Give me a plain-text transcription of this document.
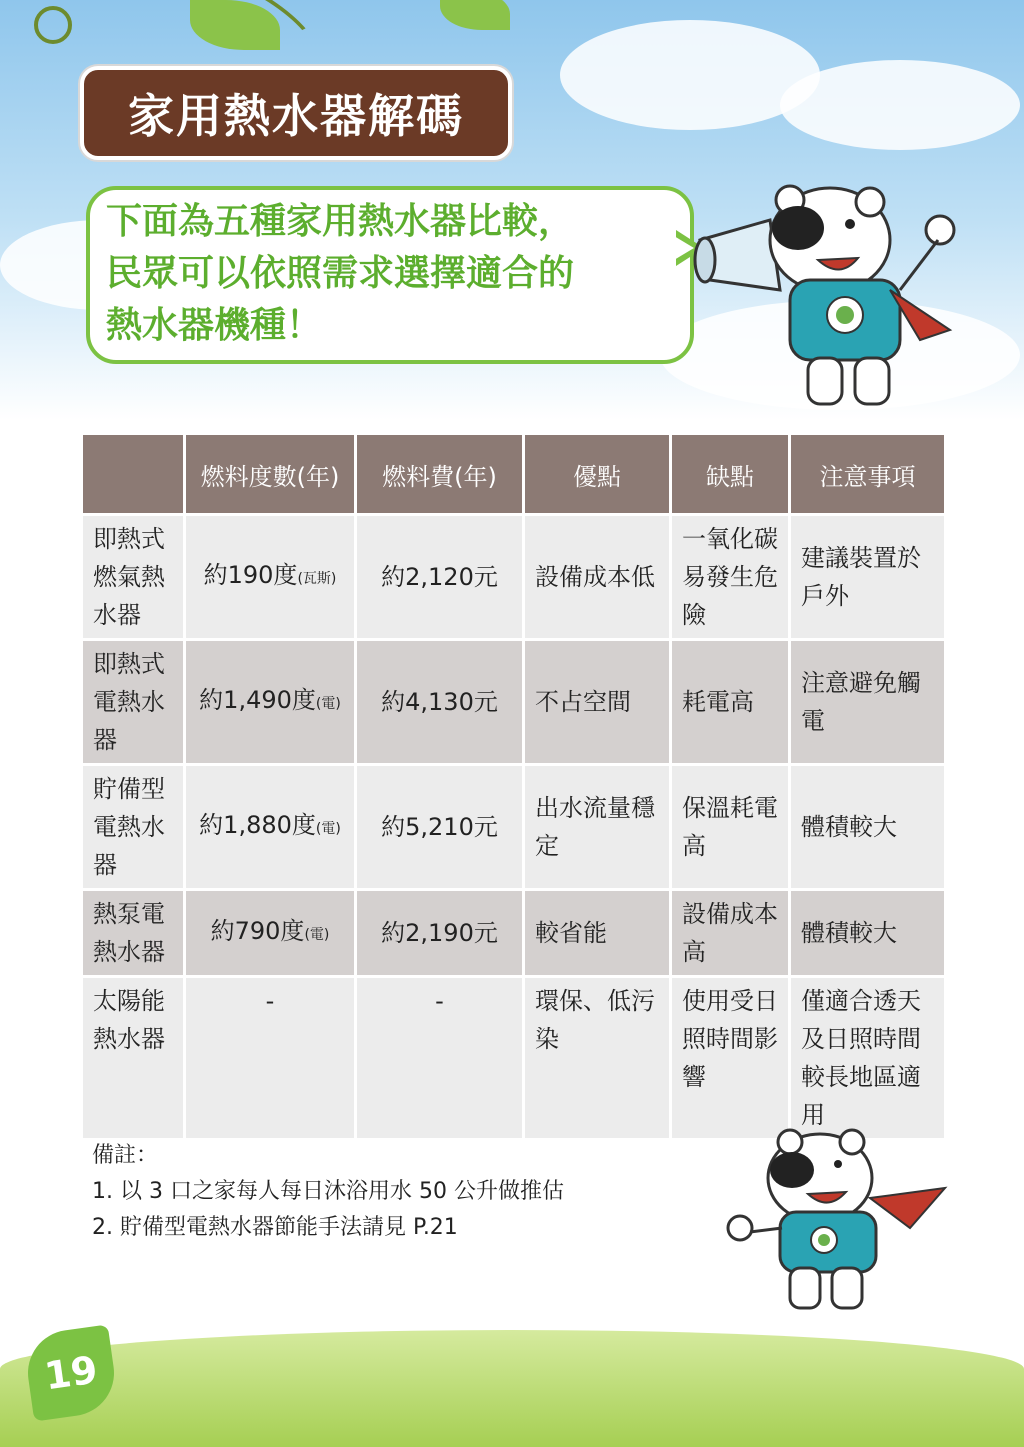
家用熱水器解碼
下面為五種家用熱水器比較，
民眾可以依照需求選擇適合的
熱水器機種！
	燃料度數(年)	燃料費(年)	優點	缺點	注意事項
即熱式燃氣熱水器	約190度(瓦斯)	約2,120元	設備成本低	一氧化碳易發生危險	建議裝置於戶外
即熱式電熱水器	約1,490度(電)	約4,130元	不占空間	耗電高	注意避免觸電
貯備型電熱水器	約1,880度(電)	約5,210元	出水流量穩定	保溫耗電高	體積較大
熱泵電熱水器	約790度(電)	約2,190元	較省能	設備成本高	體積較大
太陽能熱水器	-	-	環保、低污染	使用受日照時間影響	僅適合透天及日照時間較長地區適用
備註：
1. 以 3 口之家每人每日沐浴用水 50 公升做推估
2. 貯備型電熱水器節能手法請見 P.21
19
